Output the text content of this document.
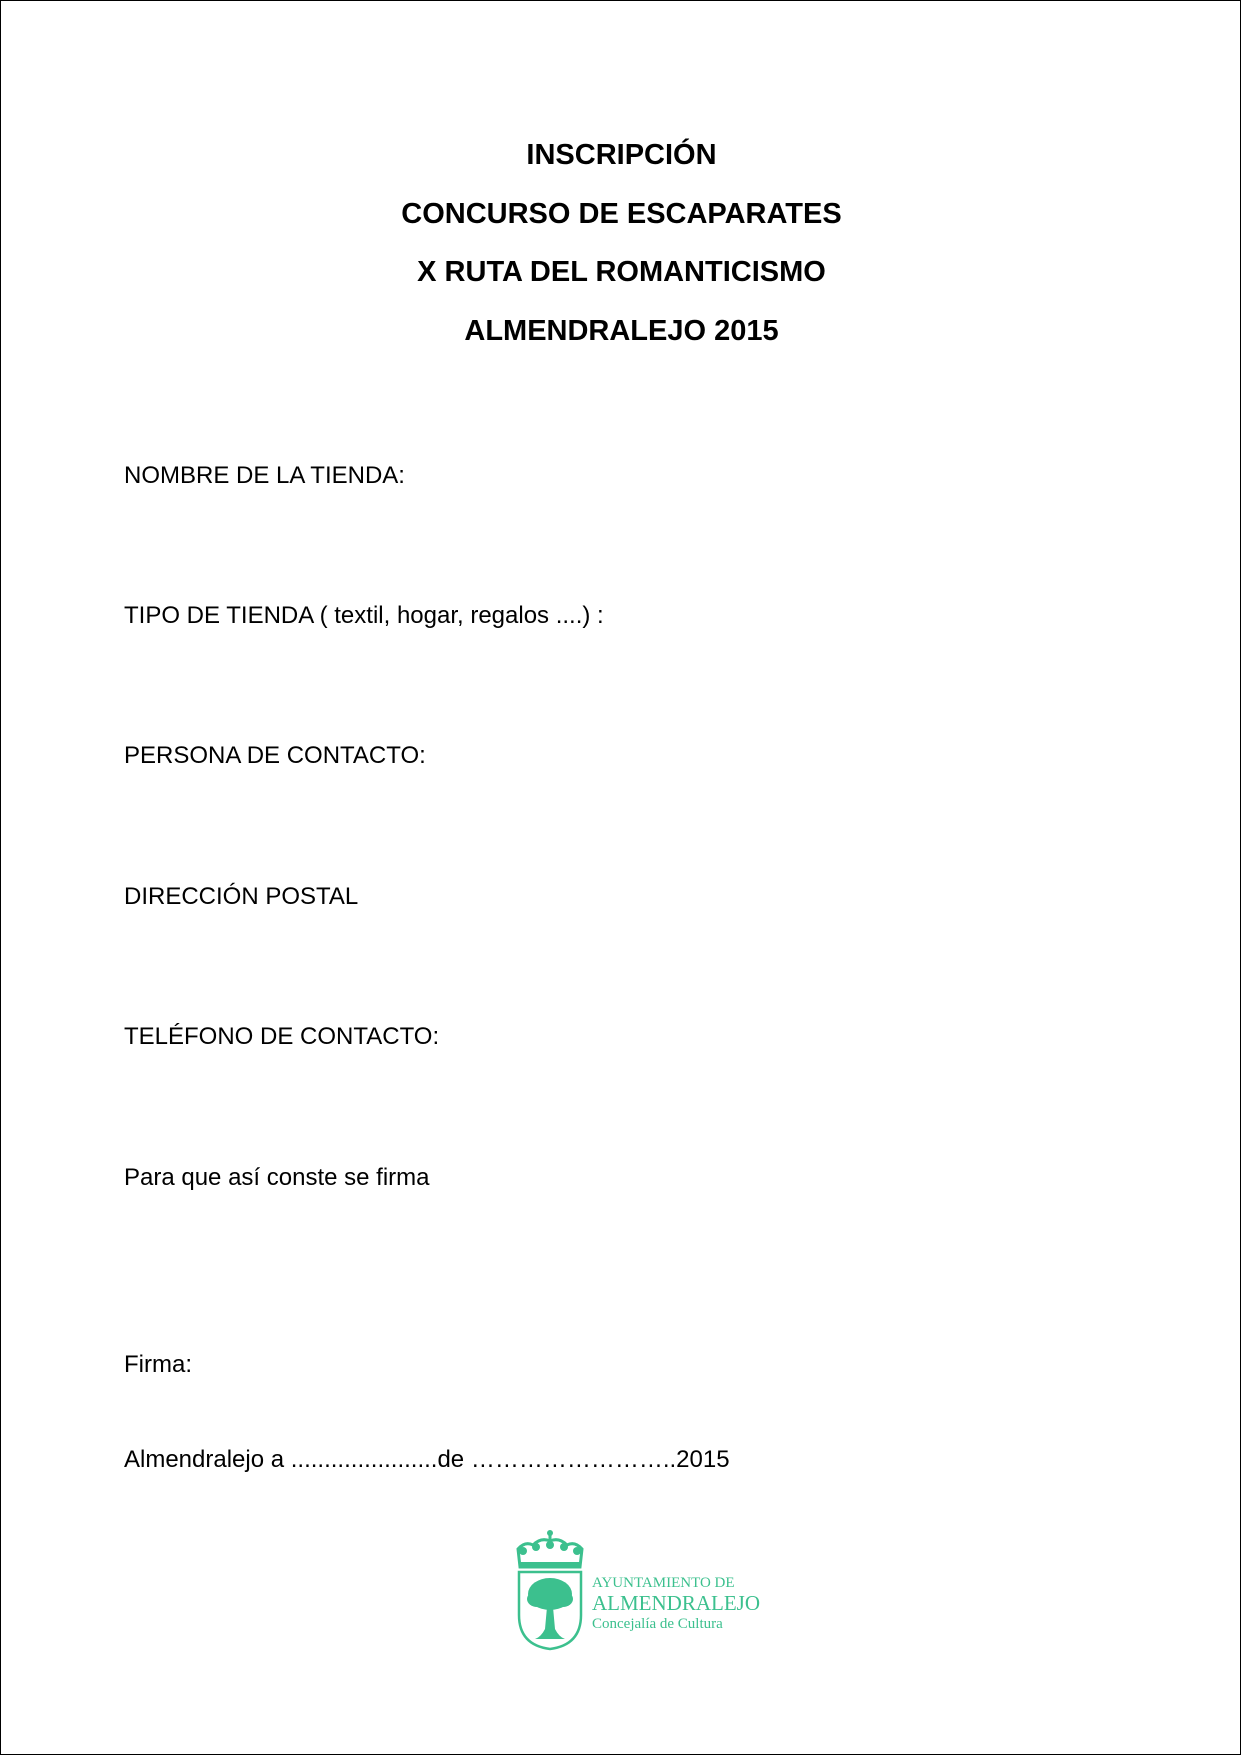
INSCRIPCIÓN

CONCURSO DE ESCAPARATES

X RUTA DEL ROMANTICISMO

ALMENDRALEJO 2015

NOMBRE DE LA TIENDA:
TIPO DE TIENDA ( textil, hogar, regalos ....) :
PERSONA DE CONTACTO:
DIRECCIÓN POSTAL
TELÉFONO DE CONTACTO:
Para que así conste se firma
Firma:
Almendralejo a ......................de ……………………..2015
AYUNTAMIENTO DE
ALMENDRALEJO
Concejalía de Cultura
